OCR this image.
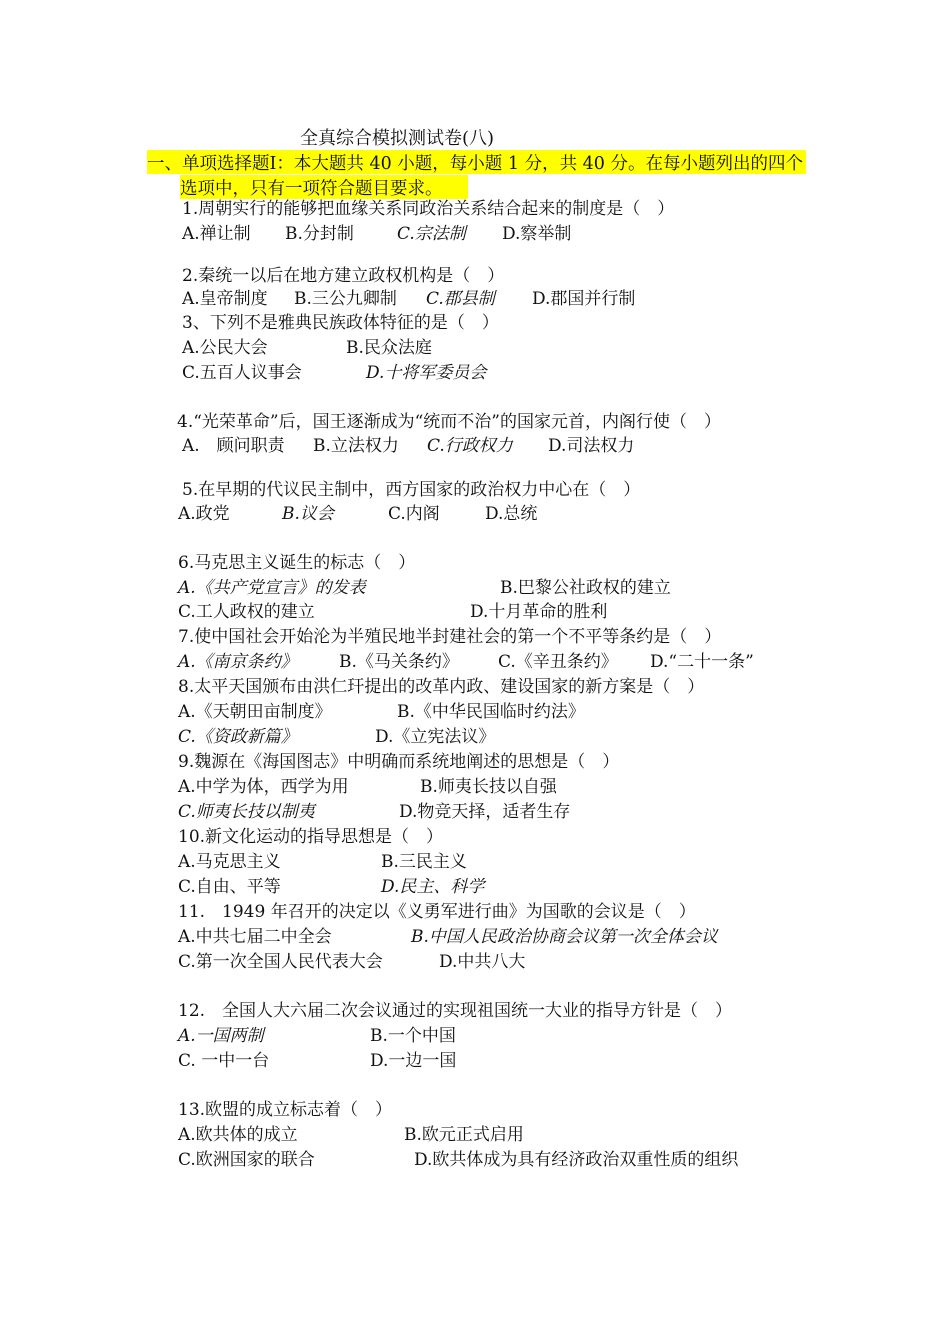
全真综合模拟测试卷(八)
一、单项选择题Ⅰ：本大题共 40 小题，每小题 1 分，共 40 分。在每小题列出的四个
选项中，只有一项符合题目要求。
1.周朝实行的能够把血缘关系同政治关系结合起来的制度是（　）
A.禅让制 B.分封制	C.宗法制 D.察举制
2.秦统一以后在地方建立政权机构是（　）
A.皇帝制度 B.三公九卿制 C.郡县制 D.郡国并行制
3、下列不是雅典民族政体特征的是（　）
A.公民大会	B.民众法庭
C.五百人议事会	D.十将军委员会
4.“光荣革命”后，国王逐渐成为“统而不治”的国家元首，内阁行使（　）
A.　顾问职责 B.立法权力 C.行政权力 D.司法权力
5.在早期的代议民主制中，西方国家的政治权力中心在（　）
A.政党	B.议会	C.内阁	D.总统
6.马克思主义诞生的标志（　）
A.《共产党宣言》的发表	B.巴黎公社政权的建立
C.工人政权的建立	D.十月革命的胜利
7.使中国社会开始沦为半殖民地半封建社会的第一个不平等条约是（　）
A.《南京条约》 B.《马关条约》 C.《辛丑条约》 D.“二十一条”
8.太平天国颁布由洪仁玕提出的改革内政、建设国家的新方案是（　）
A.《天朝田亩制度》	B.《中华民国临时约法》
C.《资政新篇》	D.《立宪法议》
9.魏源在《海国图志》中明确而系统地阐述的思想是（　）
A.中学为体，西学为用	B.师夷长技以自强
C.师夷长技以制夷	D.物竞天择，适者生存
10.新文化运动的指导思想是（　）
A.马克思主义	B.三民主义
C.自由、平等	D.民主、科学
11.　1949 年召开的决定以《义勇军进行曲》为国歌的会议是（　）
A.中共七届二中全会	B.中国人民政治协商会议第一次全体会议
C.第一次全国人民代表大会	D.中共八大
12.　全国人大六届二次会议通过的实现祖国统一大业的指导方针是（　）
A.一国两制	B.一个中国
C. 一中一台	D.一边一国
13.欧盟的成立标志着（　）
A.欧共体的成立	B.欧元正式启用
C.欧洲国家的联合	D.欧共体成为具有经济政治双重性质的组织
